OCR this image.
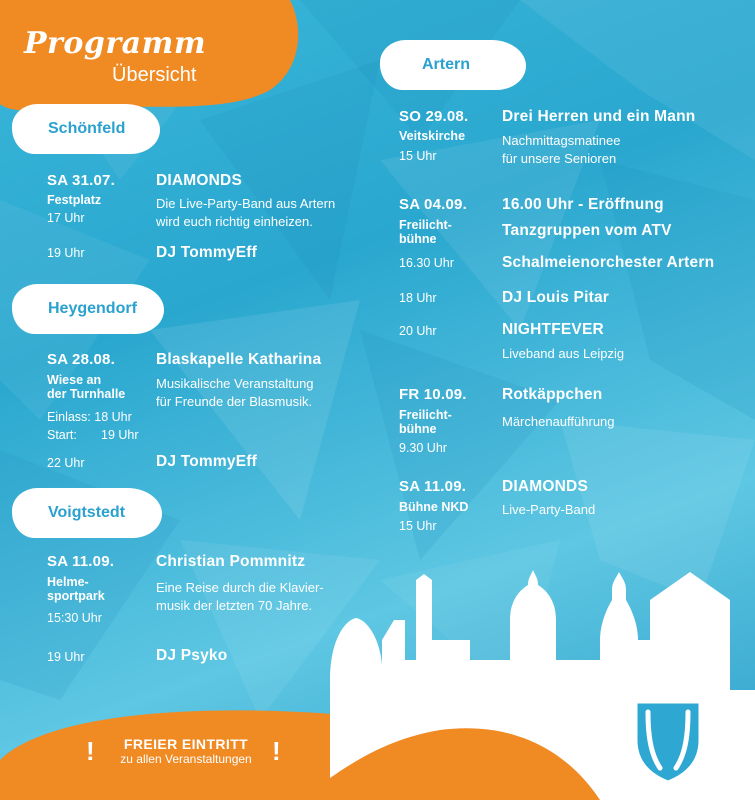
Programm
Übersicht
Schönfeld
Heygendorf
Voigtstedt
Artern
SA 31.07.
Festplatz
17 Uhr
DIAMONDS
Die Live-Party-Band aus Artern
wird euch richtig einheizen.
19 Uhr	DJ TommyEff
SA 28.08.
Wiese an
der Turnhalle
Einlass: 18 Uhr
Start: 19 Uhr
Blaskapelle Katharina
Musikalische Veranstaltung
für Freunde der Blasmusik.
22 Uhr	DJ TommyEff
SA 11.09.
Helme-
sportpark
15:30 Uhr
Christian Pommnitz
Eine Reise durch die Klavier-
musik der letzten 70 Jahre.
19 Uhr	DJ Psyko
SO 29.08.
Veitskirche
15 Uhr
Drei Herren und ein Mann
Nachmittagsmatinee
für unsere Senioren
SA 04.09.
Freilicht-
bühne
16.00 Uhr - Eröffnung
Tanzgruppen vom ATV
16.30 Uhr	Schalmeienorchester Artern
18 Uhr	DJ Louis Pitar
20 Uhr	NIGHTFEVER
Liveband aus Leipzig
FR 10.09.
Freilicht-
bühne
9.30 Uhr
Rotkäppchen
Märchenaufführung
SA 11.09.
Bühne NKD
15 Uhr
DIAMONDS
Live-Party-Band
!	FREIER EINTRITT
zu allen Veranstaltungen !
